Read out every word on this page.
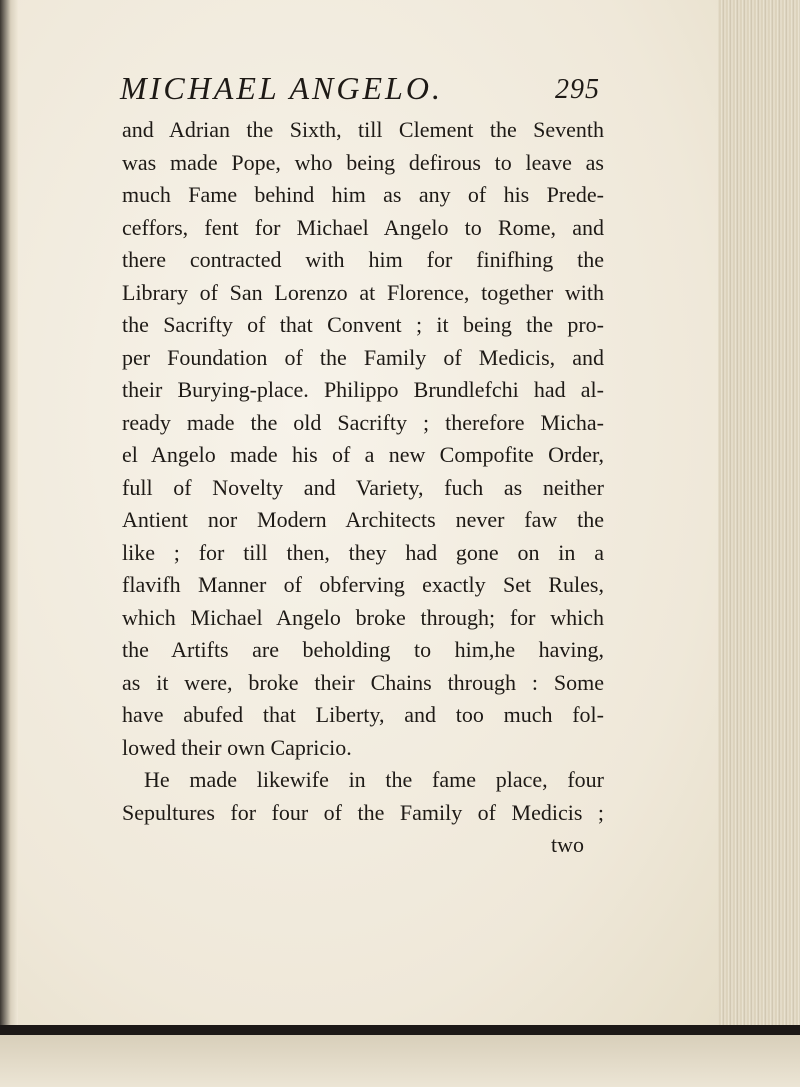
MICHAEL ANGELO.	295
and Adrian the Sixth, till Clement the Seventh
was made Pope, who being defirous to leave as
much Fame behind him as any of his Prede-
ceffors, fent for Michael Angelo to Rome, and
there contracted with him for finifhing the
Library of San Lorenzo at Florence, together with
the Sacrifty of that Convent ; it being the pro-
per Foundation of the Family of Medicis, and
their Burying-place. Philippo Brundlefchi had al-
ready made the old Sacrifty ; therefore Micha-
el Angelo made his of a new Compofite Order,
full of Novelty and Variety, fuch as neither
Antient nor Modern Architects never faw the
like ; for till then, they had gone on in a
flavifh Manner of obferving exactly Set Rules,
which Michael Angelo broke through; for which
the Artifts are beholding to him,he having,
as it were, broke their Chains through : Some
have abufed that Liberty, and too much fol-
lowed their own Capricio.
He made likewife in the fame place, four
Sepultures for four of the Family of Medicis ;
two
